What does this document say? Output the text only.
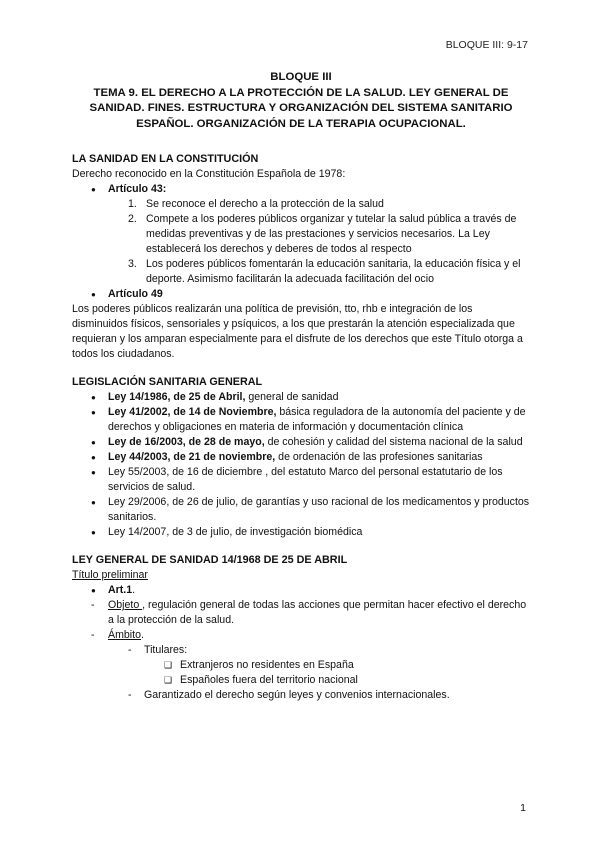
BLOQUE III: 9-17
BLOQUE III
TEMA 9. EL DERECHO A LA PROTECCIÓN DE LA SALUD. LEY GENERAL DE
SANIDAD. FINES. ESTRUCTURA Y ORGANIZACIÓN DEL SISTEMA SANITARIO
ESPAÑOL. ORGANIZACIÓN DE LA TERAPIA OCUPACIONAL.
LA SANIDAD EN LA CONSTITUCIÓN

Derecho reconocido en la Constitución Española de 1978:

● Artículo 43:
1. Se reconoce el derecho a la protección de la salud
2. Compete a los poderes públicos organizar y tutelar la salud pública a través de medidas preventivas y de las prestaciones y servicios necesarios. La Ley establecerá los derechos y deberes de todos al respecto
3. Los poderes públicos fomentarán la educación sanitaria, la educación física y el deporte. Asimismo facilitarán la adecuada facilitación del ocio
● Artículo 49

Los poderes públicos realizarán una política de previsión, tto, rhb e integración de los disminuidos físicos, sensoriales y psíquicos, a los que prestarán la atención especializada que requieran y los amparan especialmente para el disfrute de los derechos que este Título otorga a todos los ciudadanos.

LEGISLACIÓN SANITARIA GENERAL
● Ley 14/1986, de 25 de Abril, general de sanidad
● Ley 41/2002, de 14 de Noviembre, básica reguladora de la autonomía del paciente y de derechos y obligaciones en materia de información y documentación clínica
● Ley de 16/2003, de 28 de mayo, de cohesión y calidad del sistema nacional de la salud
● Ley 44/2003, de 21 de noviembre, de ordenación de las profesiones sanitarias
● Ley 55/2003, de 16 de diciembre , del estatuto Marco del personal estatutario de los servicios de salud.
● Ley 29/2006, de 26 de julio, de garantías y uso racional de los medicamentos y productos sanitarios.
● Ley 14/2007, de 3 de julio, de investigación biomédica
LEY GENERAL DE SANIDAD 14/1968 DE 25 DE ABRIL

Título preliminar

● Art.1.
- Objeto , regulación general de todas las acciones que permitan hacer efectivo el derecho a la protección de la salud.
- Ámbito.
- Titulares:
❑ Extranjeros no residentes en España
❑ Españoles fuera del territorio nacional
- Garantizado el derecho según leyes y convenios internacionales.
1
